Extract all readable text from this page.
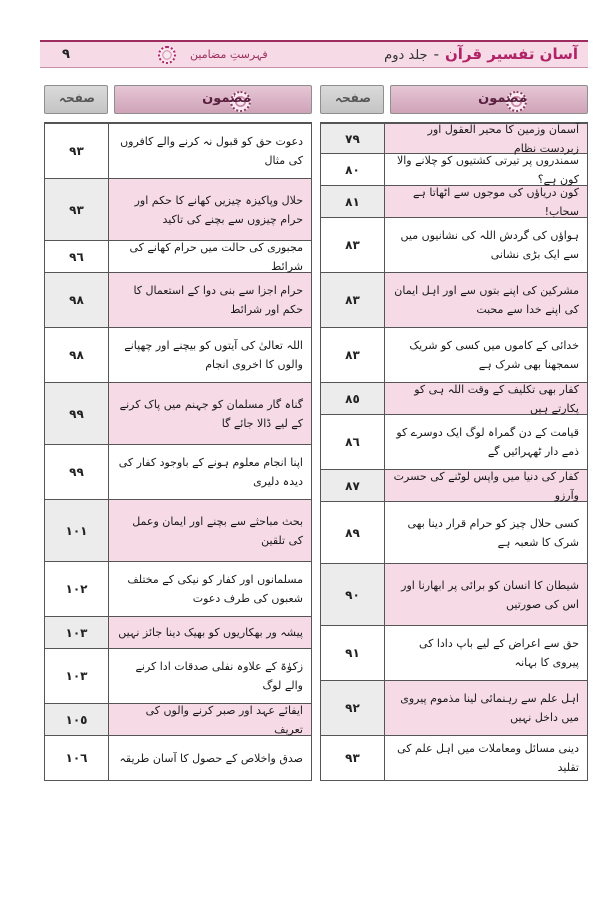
آسان تفسیر قرآن-جلد دوم
فہرستِ مضامین
٩
مضمون
صفحہ
٧٩
آسمان وزمین کا محیر العقول اور زبردست نظام
٨٠
سمندروں پر تیرتی کشتیوں کو چلانے والا کون ہے؟
٨١
کون دریاؤں کی موجوں سے اٹھاتا ہے سحاب!
٨٣
ہواؤں کی گردش اللہ کی نشانیوں میں سے ایک بڑی نشانی
٨٣
مشرکین کی اپنے بتوں سے اور اہل ایمان کی اپنے خدا سے محبت
٨٣
خدائی کے کاموں میں کسی کو شریک سمجھنا بھی شرک ہے
٨٥
کفار بھی تکلیف کے وقت اللہ ہی کو پکارتے ہیں
٨٦
قیامت کے دن گمراہ لوگ ایک دوسرے کو ذمے دار ٹھہرائیں گے
٨٧
کفار کی دنیا میں واپس لوٹنے کی حسرت وآرزو
٨٩
کسی حلال چیز کو حرام قرار دینا بھی شرک کا شعبہ ہے
٩٠
شیطان کا انسان کو برائی پر ابھارنا اور اس کی صورتیں
٩١
حق سے اعراض کے لیے باپ دادا کی پیروی کا بہانہ
٩٢
اہل علم سے رہنمائی لینا مذموم پیروی میں داخل نہیں
٩٣
دینی مسائل ومعاملات میں اہل علم کی تقلید
مضمون
صفحہ
٩٣
دعوت حق کو قبول نہ کرنے والے کافروں کی مثال
٩٣
حلال وپاکیزہ چیزیں کھانے کا حکم اور حرام چیزوں سے بچنے کی تاکید
٩٦
مجبوری کی حالت میں حرام کھانے کی شرائط
٩٨
حرام اجزا سے بنی دوا کے استعمال کا حکم اور شرائط
٩٨
اللہ تعالیٰ کی آیتوں کو بیچنے اور چھپانے والوں کا اخروی انجام
٩٩
گناہ گار مسلمان کو جہنم میں پاک کرنے کے لیے ڈالا جائے گا
٩٩
اپنا انجام معلوم ہونے کے باوجود کفار کی دیدہ دلیری
١٠١
بحث مباحثے سے بچنے اور ایمان وعمل کی تلقین
١٠٢
مسلمانوں اور کفار کو نیکی کے مختلف شعبوں کی طرف دعوت
١٠٣	پیشہ ور بھکاریوں کو بھیک دینا جائز نہیں
١٠٣
زکوٰۃ کے علاوہ نفلی صدقات ادا کرنے والے لوگ
١٠٥
ایفائے عہد اور صبر کرنے والوں کی تعریف
١٠٦	صدق واخلاص کے حصول کا آسان طریقہ
